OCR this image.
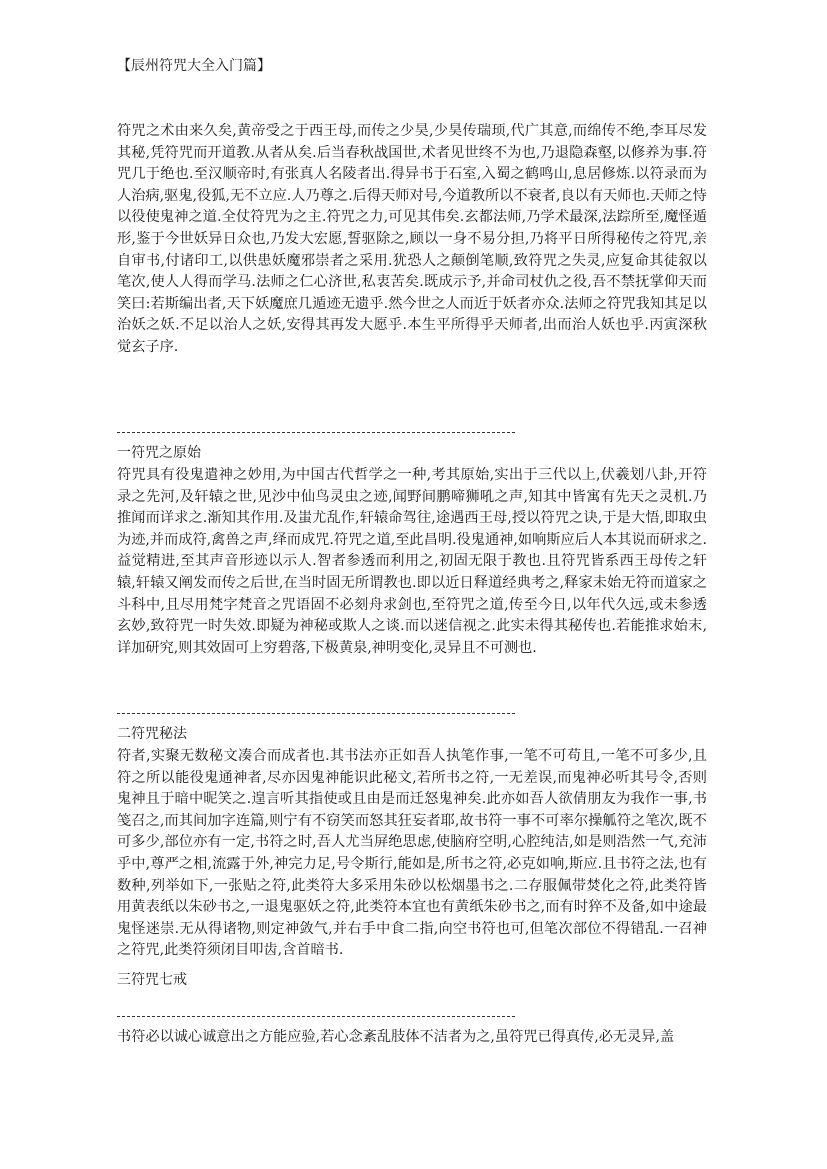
【辰州符咒大全入门篇】

符咒之术由来久矣,黄帝受之于西王母,而传之少昊,少昊传瑞顼,代广其意,而绵传不绝,李耳尽发其秘,凭符咒而开道教.从者从矣.后当春秋战国世,术者见世终不为也,乃退隐森壑,以修养为事.符咒几于绝也.至汉顺帝时,有张真人名陵者出.得异书于石室,入蜀之鹤鸣山,息居修炼.以符录而为人治病,驱鬼,役狐,无不立应.人乃尊之.后得天师对号,今道教所以不衰者,良以有天师也.天师之恃以役使鬼神之道.全仗符咒为之主.符咒之力,可见其伟矣.玄都法师,乃学术最深,法踪所至,魔怪遁形,鉴于今世妖异日众也,乃发大宏愿,誓驱除之,顾以一身不易分担,乃将平日所得秘传之符咒,亲自审书,付诸印工,以供患妖魔邪崇者之采用.犹恐人之颠倒笔顺,致符咒之失灵,应复命其徒叙以笔次,使人人得而学马.法师之仁心济世,私衷苦矣.既成示予,并命司杖仇之役,吾不禁抚掌仰天而笑曰:若斯编出者,天下妖魔庶几遁迹无遗乎.然今世之人而近于妖者亦众.法师之符咒我知其足以治妖之妖.不足以治人之妖,安得其再发大愿乎.本生平所得乎天师者,出而治人妖也乎.丙寅深秋觉玄子序.

一符咒之原始

符咒具有役鬼遣神之妙用,为中国古代哲学之一种,考其原始,实出于三代以上,伏羲划八卦,开符录之先河,及轩辕之世,见沙中仙鸟灵虫之迹,闻野间鹏啼狮吼之声,知其中皆寓有先天之灵机.乃推闻而详求之.渐知其作用.及蚩尤乱作,轩辕命驾往,途遇西王母,授以符咒之诀,于是大悟,即取虫为迹,并而成符,禽兽之声,绎而成咒.符咒之道,至此昌明.役鬼通神,如响斯应后人本其说而研求之.益觉精进,至其声音形迹以示人.智者参透而利用之,初固无限于教也.且符咒皆系西王母传之轩辕,轩辕又阐发而传之后世,在当时固无所谓教也.即以近日释道经典考之,释家未始无符而道家之斗科中,且尽用梵字梵音之咒语固不必刻舟求剑也,至符咒之道,传至今日,以年代久远,或未参透玄妙,致符咒一时失效.即疑为神秘或欺人之谈.而以迷信视之.此实未得其秘传也.若能推求始末,详加研究,则其效固可上穷碧落,下极黄泉,神明变化,灵异且不可测也.

二符咒秘法

符者,实聚无数秘文凑合而成者也.其书法亦正如吾人执笔作事,一笔不可苟且,一笔不可多少,且符之所以能役鬼通神者,尽亦因鬼神能识此秘文,若所书之符,一无差误,而鬼神必听其号令,否则鬼神且于暗中昵笑之.遑言听其指使或且由是而迁怒鬼神矣.此亦如吾人欲倩朋友为我作一事,书笺召之,而其间加字连篇,则宁有不窃笑而怒其狂妄者耶,故书符一事不可率尔操觚符之笔次,既不可多少,部位亦有一定,书符之时,吾人尤当屏绝思虑,使脑府空明,心腔纯洁,如是则浩然一气,充沛乎中,尊严之相,流露于外,神完力足,号令斯行,能如是,所书之符,必克如响,斯应.且书符之法,也有数种,列举如下,一张贴之符,此类符大多采用朱砂以松烟墨书之.二存服佩带焚化之符,此类符皆用黄表纸以朱砂书之,一退鬼驱妖之符,此类符本宜也有黄纸朱砂书之,而有时猝不及备,如中途最鬼怪迷崇.无从得诸物,则定神敛气,并右手中食二指,向空书符也可,但笔次部位不得错乱.一召神之符咒,此类符须闭目叩齿,含首暗书.

三符咒七戒

书符必以诚心诚意出之方能应验,若心念紊乱肢体不洁者为之,虽符咒已得真传,必无灵异,盖
